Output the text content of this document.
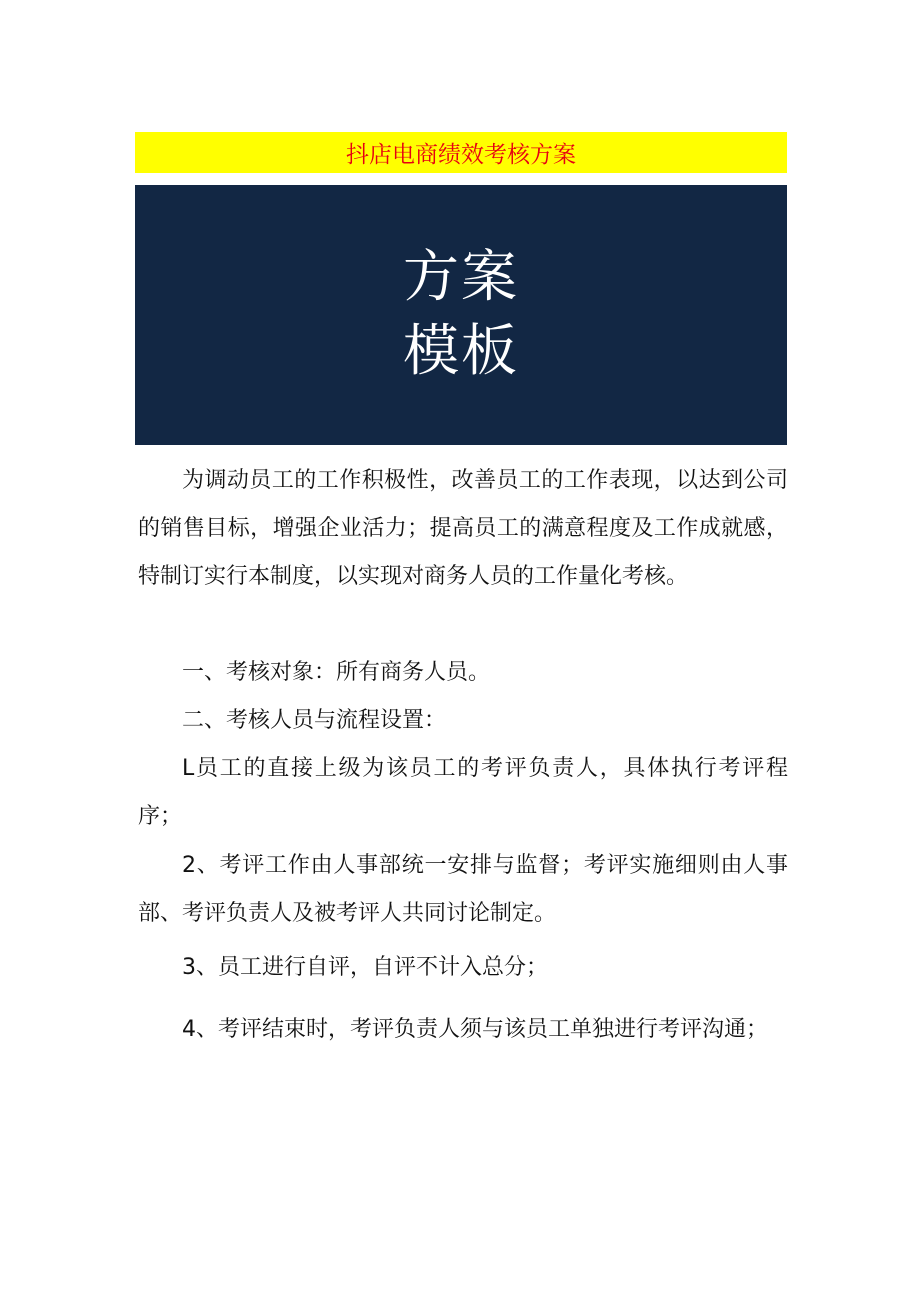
抖店电商绩效考核方案
方案
模板

为调动员工的工作积极性，改善员工的工作表现，以达到公司的销售目标，增强企业活力；提高员工的满意程度及工作成就感，特制订实行本制度，以实现对商务人员的工作量化考核。

一、考核对象：所有商务人员。

二、考核人员与流程设置：

L员工的直接上级为该员工的考评负责人，具体执行考评程序；

2、考评工作由人事部统一安排与监督；考评实施细则由人事部、考评负责人及被考评人共同讨论制定。

3、员工进行自评，自评不计入总分；

4、考评结束时，考评负责人须与该员工单独进行考评沟通；
